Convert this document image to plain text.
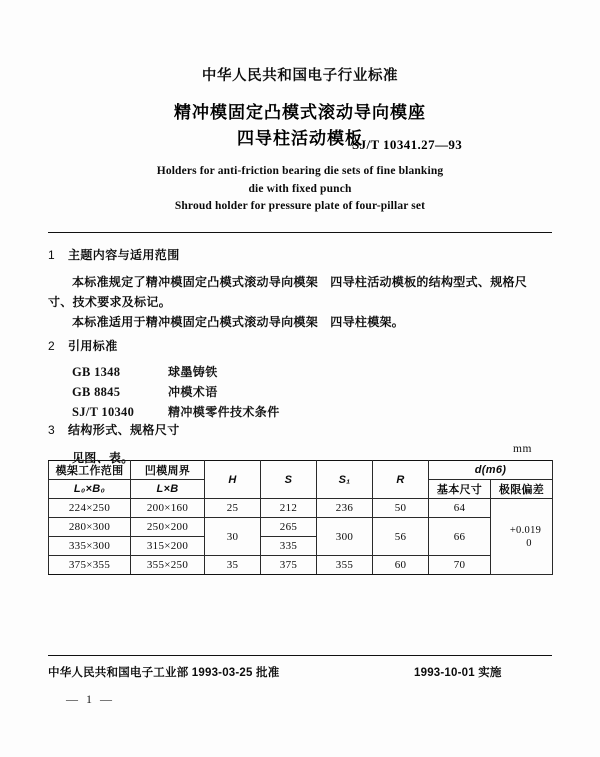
中华人民共和国电子行业标准
精冲模固定凸模式滚动导向模座
四导柱活动模板
SJ/T 10341.27—93
Holders for anti-friction bearing die sets of fine blanking
die with fixed punch
Shroud holder for pressure plate of four-pillar set
1 主题内容与适用范围
本标准规定了精冲模固定凸模式滚动导向模架　四导柱活动模板的结构型式、规格尺寸、技术要求及标记。
本标准适用于精冲模固定凸模式滚动导向模架　四导柱模架。
2 引用标准
GB 1348	球墨铸铁
GB 8845	冲模术语
SJ/T 10340	精冲模零件技术条件
3 结构形式、规格尺寸
见图、表。
mm
模架工作范围	凹模周界	H	S	S₁	R	d(m6)	
L₀×B₀	L×B					基本尺寸	极限偏差
224×250	200×160	25	212	236	50	64	+0.019
0

280×300	250×200	30	265	300	56	66	
335×300	315×200		335				
375×355	355×250	35	375	355	60	70	
中华人民共和国电子工业部 1993-03-25 批准	1993-10-01 实施
— 1 —
